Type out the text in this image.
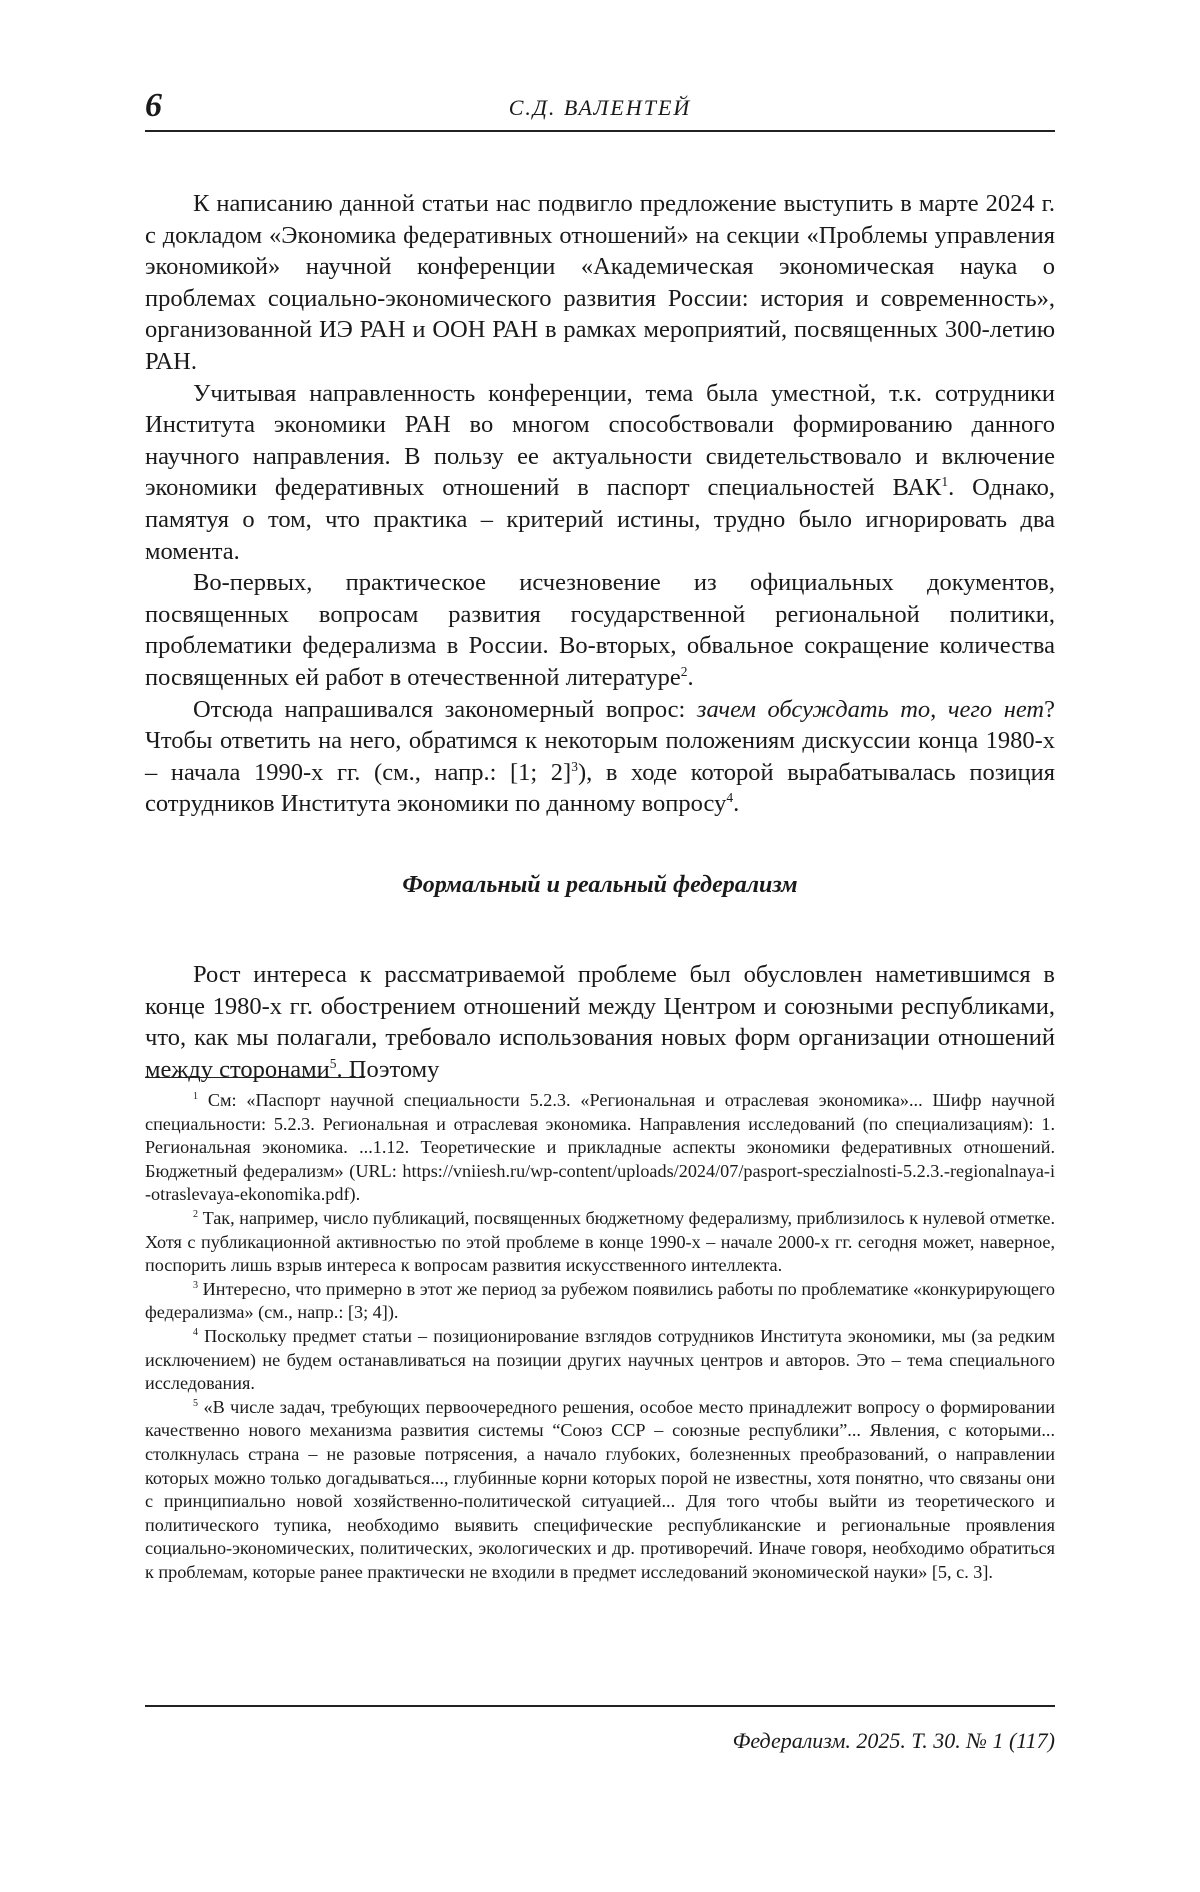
6	С.Д. ВАЛЕНТЕЙ

К написанию данной статьи нас подвигло предложение выступить в марте 2024 г. с докладом «Экономика федеративных отношений» на секции «Проблемы управления экономикой» научной конференции «Академическая экономическая наука о проблемах социально-экономического развития России: история и современность», организованной ИЭ РАН и ООН РАН в рамках мероприятий, посвященных 300-летию РАН.

Учитывая направленность конференции, тема была уместной, т.к. сотрудники Института экономики РАН во многом способствовали формированию данного научного направления. В пользу ее актуальности свидетельствовало и включение экономики федеративных отношений в паспорт специальностей ВАК$^1$. Однако, памятуя о том, что практика – критерий истины, трудно было игнорировать два момента.

Во-первых, практическое исчезновение из официальных документов, посвященных вопросам развития государственной региональной политики, проблематики федерализма в России. Во-вторых, обвальное сокращение количества посвященных ей работ в отечественной литературе$^2$.

Отсюда напрашивался закономерный вопрос: зачем обсуждать то, чего нет? Чтобы ответить на него, обратимся к некоторым положениям дискуссии конца 1980-х – начала 1990-х гг. (см., напр.: [1; 2]$^3$), в ходе которой вырабатывалась позиция сотрудников Института экономики по данному вопросу$^4$.

Формальный и реальный федерализм

Рост интереса к рассматриваемой проблеме был обусловлен наметившимся в конце 1980-х гг. обострением отношений между Центром и союзными республиками, что, как мы полагали, требовало использования новых форм организации отношений между сторонами$^5$. Поэтому

$^1$ См: «Паспорт научной специальности 5.2.3. «Региональная и отраслевая экономика»... Шифр научной специальности: 5.2.3. Региональная и отраслевая экономика. Направления исследований (по специализациям): 1. Региональная экономика. ...1.12. Теоретические и прикладные аспекты экономики федеративных отношений. Бюджетный федерализм» (URL: https://vniiesh.ru/wp-content/uploads/2024/07/pasport-speczialnosti-5.2.3.-regionalnaya-i-otraslevaya-ekonomika.pdf).

$^2$ Так, например, число публикаций, посвященных бюджетному федерализму, приблизилось к нулевой отметке. Хотя с публикационной активностью по этой проблеме в конце 1990-х – начале 2000-х гг. сегодня может, наверное, поспорить лишь взрыв интереса к вопросам развития искусственного интеллекта.

$^3$ Интересно, что примерно в этот же период за рубежом появились работы по проблематике «конкурирующего федерализма» (см., напр.: [3; 4]).

$^4$ Поскольку предмет статьи – позиционирование взглядов сотрудников Института экономики, мы (за редким исключением) не будем останавливаться на позиции других научных центров и авторов. Это – тема специального исследования.

$^5$ «В числе задач, требующих первоочередного решения, особое место принадлежит вопросу о формировании качественно нового механизма развития системы “Союз ССР – союзные республики”... Явления, с которыми... столкнулась страна – не разовые потрясения, а начало глубоких, болезненных преобразований, о направлении которых можно только догадываться..., глубинные корни которых порой не известны, хотя понятно, что связаны они с принципиально новой хозяйственно-политической ситуацией... Для того чтобы выйти из теоретического и политического тупика, необходимо выявить специфические республиканские и региональные проявления социально-экономических, политических, экологических и др. противоречий. Иначе говоря, необходимо обратиться к проблемам, которые ранее практически не входили в предмет исследований экономической науки» [5, с. 3].

Федерализм. 2025. Т. 30. № 1 (117)
